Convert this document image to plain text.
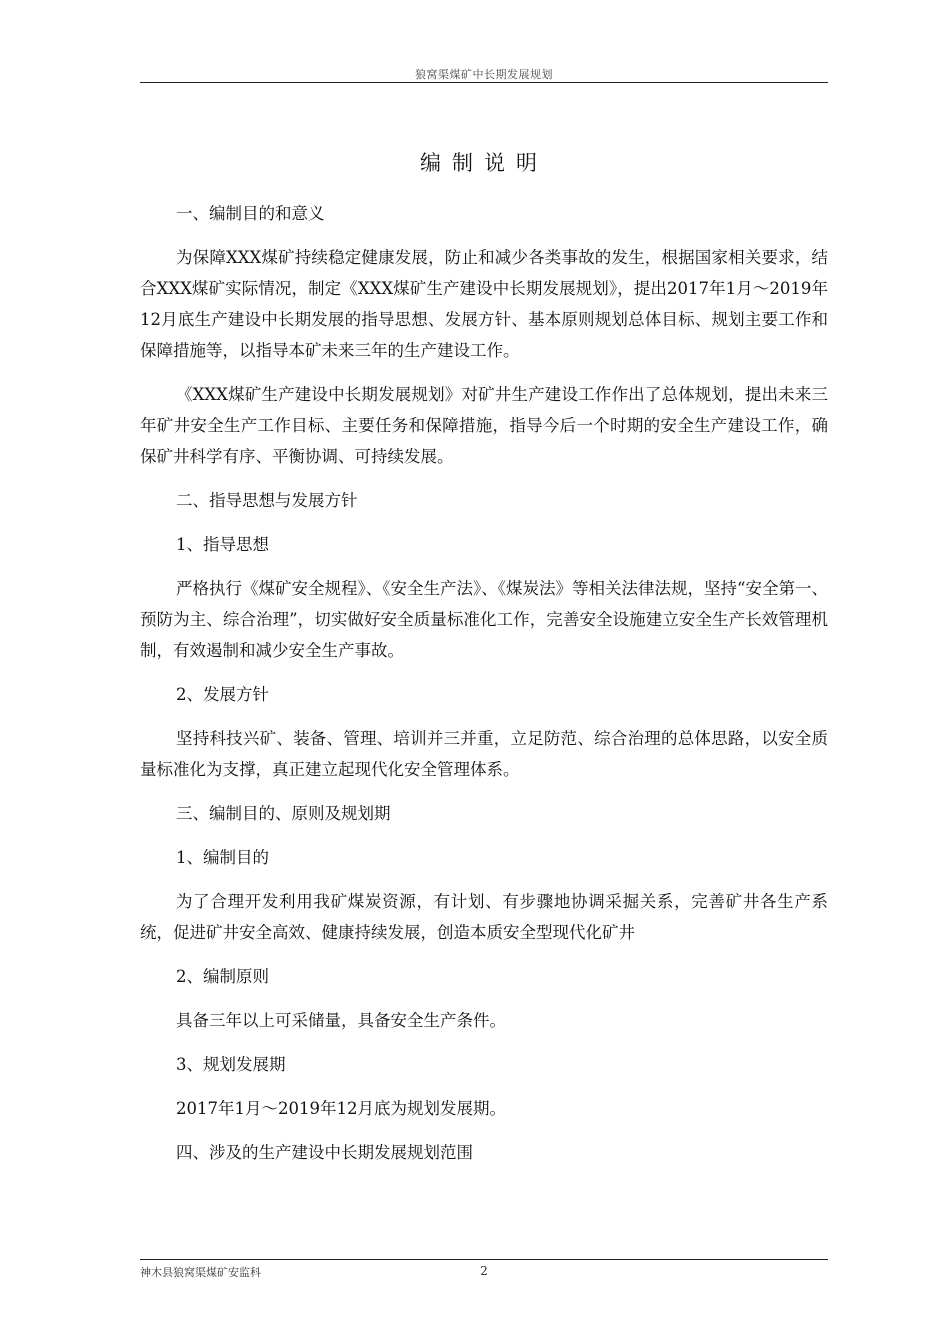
狼窝渠煤矿中长期发展规划
编制说明

一、编制目的和意义

为保障XXX煤矿持续稳定健康发展，防止和减少各类事故的发生，根据国家相关要求，结合XXX煤矿实际情况，制定《XXX煤矿生产建设中长期发展规划》，提出2017年1月～2019年12月底生产建设中长期发展的指导思想、发展方针、基本原则规划总体目标、规划主要工作和保障措施等，以指导本矿未来三年的生产建设工作。

《XXX煤矿生产建设中长期发展规划》对矿井生产建设工作作出了总体规划，提出未来三年矿井安全生产工作目标、主要任务和保障措施，指导今后一个时期的安全生产建设工作，确保矿井科学有序、平衡协调、可持续发展。

二、指导思想与发展方针

1、指导思想

严格执行《煤矿安全规程》、《安全生产法》、《煤炭法》等相关法律法规，坚持“安全第一、预防为主、综合治理”，切实做好安全质量标准化工作，完善安全设施建立安全生产长效管理机制，有效遏制和减少安全生产事故。

2、发展方针

坚持科技兴矿、装备、管理、培训并三并重，立足防范、综合治理的总体思路，以安全质量标准化为支撑，真正建立起现代化安全管理体系。

三、编制目的、原则及规划期

1、编制目的

为了合理开发利用我矿煤炭资源，有计划、有步骤地协调采掘关系，完善矿井各生产系统，促进矿井安全高效、健康持续发展，创造本质安全型现代化矿井

2、编制原则

具备三年以上可采储量，具备安全生产条件。

3、规划发展期

2017年1月～2019年12月底为规划发展期。

四、涉及的生产建设中长期发展规划范围

神木县狼窝渠煤矿安监科	2
